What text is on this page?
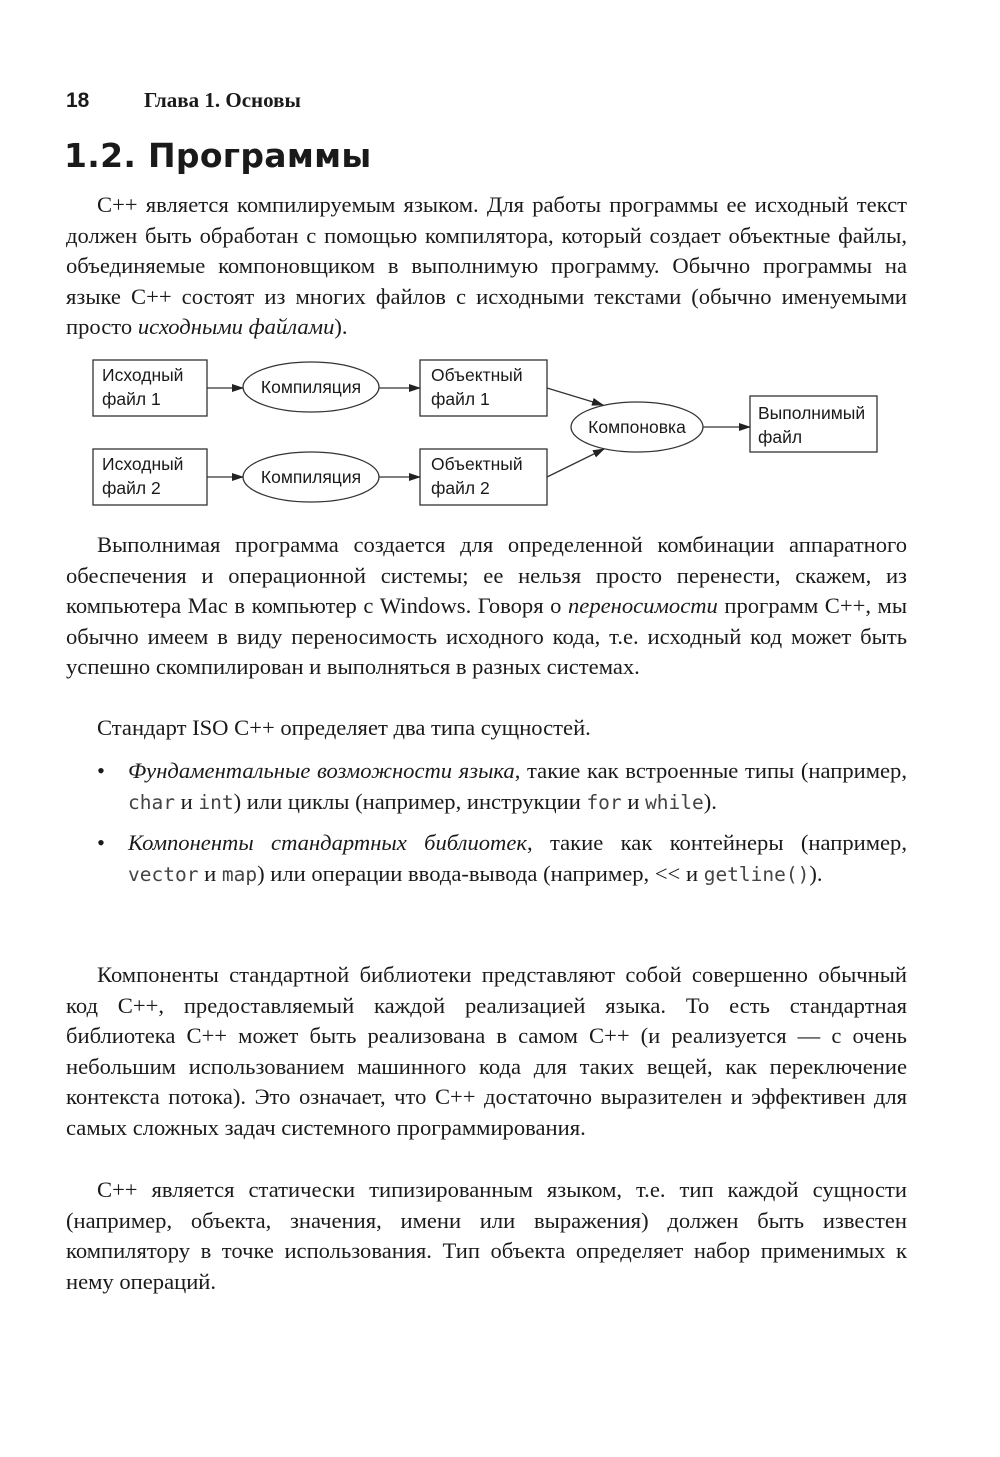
18	Глава 1. Основы
1.2. Программы

C++ является компилируемым языком. Для работы программы ее исходный текст должен быть обработан с помощью компилятора, который создает объектные файлы, объединяемые компоновщиком в выполнимую программу. Обычно программы на языке C++ состоят из многих файлов с исходными текстами (обычно именуемыми просто исходными файлами).

Исходный
файл 1
Исходный
файл 2
Компиляция
Компиляция
Объектный
файл 1
Объектный
файл 2
Компоновка
Выполнимый
файл

Выполнимая программа создается для определенной комбинации аппаратного обеспечения и операционной системы; ее нельзя просто перенести, скажем, из компьютера Mac в компьютер с Windows. Говоря о переносимости программ C++, мы обычно имеем в виду переносимость исходного кода, т.е. исходный код может быть успешно скомпилирован и выполняться в разных системах.

Стандарт ISO C++ определяет два типа сущностей.

• Фундаментальные возможности языка, такие как встроенные типы (например, char и int) или циклы (например, инструкции for и while).
• Компоненты стандартных библиотек, такие как контейнеры (например, vector и map) или операции ввода-вывода (например, << и getline()).

Компоненты стандартной библиотеки представляют собой совершенно обычный код C++, предоставляемый каждой реализацией языка. То есть стандартная библиотека C++ может быть реализована в самом C++ (и реализуется — с очень небольшим использованием машинного кода для таких вещей, как переключение контекста потока). Это означает, что C++ достаточно выразителен и эффективен для самых сложных задач системного программирования.

C++ является статически типизированным языком, т.е. тип каждой сущности (например, объекта, значения, имени или выражения) должен быть известен компилятору в точке использования. Тип объекта определяет набор применимых к нему операций.
